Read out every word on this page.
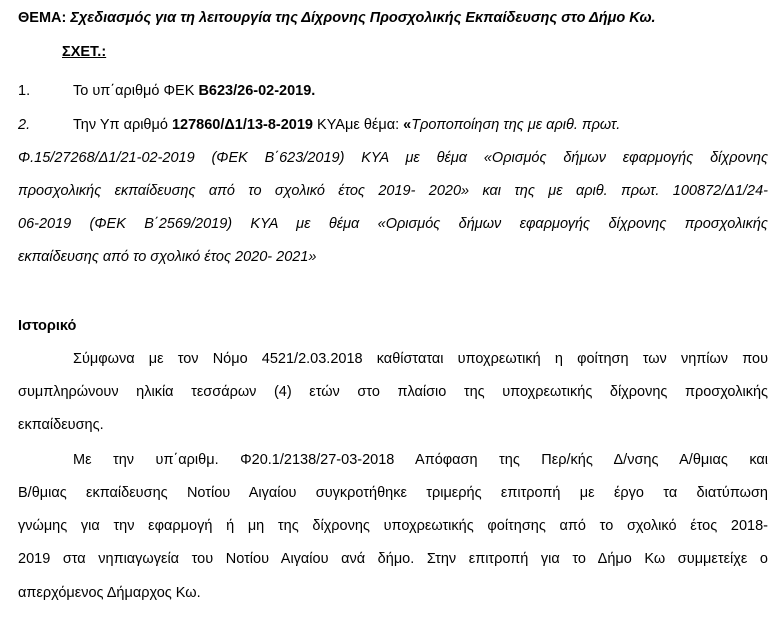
ΘΕΜΑ: Σχεδιασμός για τη λειτουργία της Δίχρονης Προσχολικής Εκπαίδευσης στο Δήμο Κω.
ΣΧΕΤ.:
1.	Το υπ΄αριθμό ΦΕΚ Β623/26-02-2019.
2.	Την Υπ αριθμό 127860/Δ1/13-8-2019 ΚΥΑμε θέμα: «Τροποποίηση της με αριθ. πρωτ.
Φ.15/27268/Δ1/21-02-2019 (ΦΕΚ Β΄623/2019) ΚΥΑ με θέμα «Ορισμός δήμων εφαρμογής δίχρονης
προσχολικής εκπαίδευσης από το σχολικό έτος 2019- 2020» και της με αριθ. πρωτ. 100872/Δ1/24-
06-2019 (ΦΕΚ Β΄2569/2019) ΚΥΑ με θέμα «Ορισμός δήμων εφαρμογής δίχρονης προσχολικής
εκπαίδευσης από το σχολικό έτος 2020- 2021»
Ιστορικό
Σύμφωνα με τον Νόμο 4521/2.03.2018 καθίσταται υποχρεωτική η φοίτηση των νηπίων που
συμπληρώνουν ηλικία τεσσάρων (4) ετών στο πλαίσιο της υποχρεωτικής δίχρονης προσχολικής
εκπαίδευσης.
Με την υπ΄αριθμ. Φ20.1/2138/27-03-2018 Απόφαση της Περ/κής Δ/νσης Α/θμιας και
Β/θμιας εκπαίδευσης Νοτίου Αιγαίου συγκροτήθηκε τριμερής επιτροπή με έργο τα διατύπωση
γνώμης για την εφαρμογή ή μη της δίχρονης υποχρεωτικής φοίτησης από το σχολικό έτος 2018-
2019 στα νηπιαγωγεία του Νοτίου Αιγαίου ανά δήμο. Στην επιτροπή για το Δήμο Κω συμμετείχε ο
απερχόμενος Δήμαρχος Κω.
